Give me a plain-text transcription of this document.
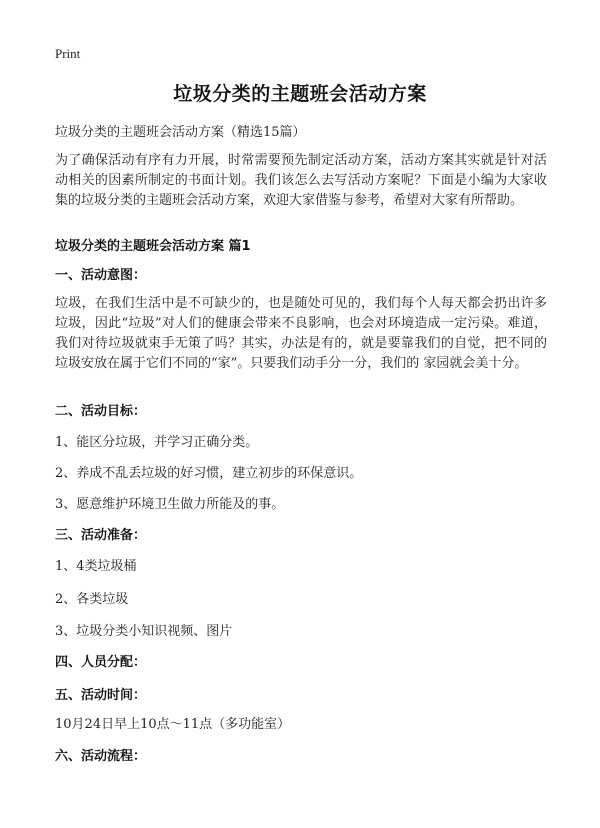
Print
垃圾分类的主题班会活动方案
垃圾分类的主题班会活动方案（精选15篇）
为了确保活动有序有力开展，时常需要预先制定活动方案，活动方案其实就是针对活动相关的因素所制定的书面计划。我们该怎么去写活动方案呢？下面是小编为大家收集的垃圾分类的主题班会活动方案，欢迎大家借鉴与参考，希望对大家有所帮助。
垃圾分类的主题班会活动方案 篇1
一、活动意图：
垃圾，在我们生活中是不可缺少的，也是随处可见的，我们每个人每天都会扔出许多垃圾，因此“垃圾”对人们的健康会带来不良影响，也会对环境造成一定污染。难道，我们对待垃圾就束手无策了吗？其实，办法是有的，就是要靠我们的自觉，把不同的垃圾安放在属于它们不同的“家”。只要我们动手分一分，我们的 家园就会美十分。
二、活动目标：
1、能区分垃圾，并学习正确分类。
2、养成不乱丢垃圾的好习惯，建立初步的环保意识。
3、愿意维护环境卫生做力所能及的事。
三、活动准备：
1、4类垃圾桶
2、各类垃圾
3、垃圾分类小知识视频、图片
四、人员分配：
五、活动时间：
10月24日早上10点～11点（多功能室）
六、活动流程：
